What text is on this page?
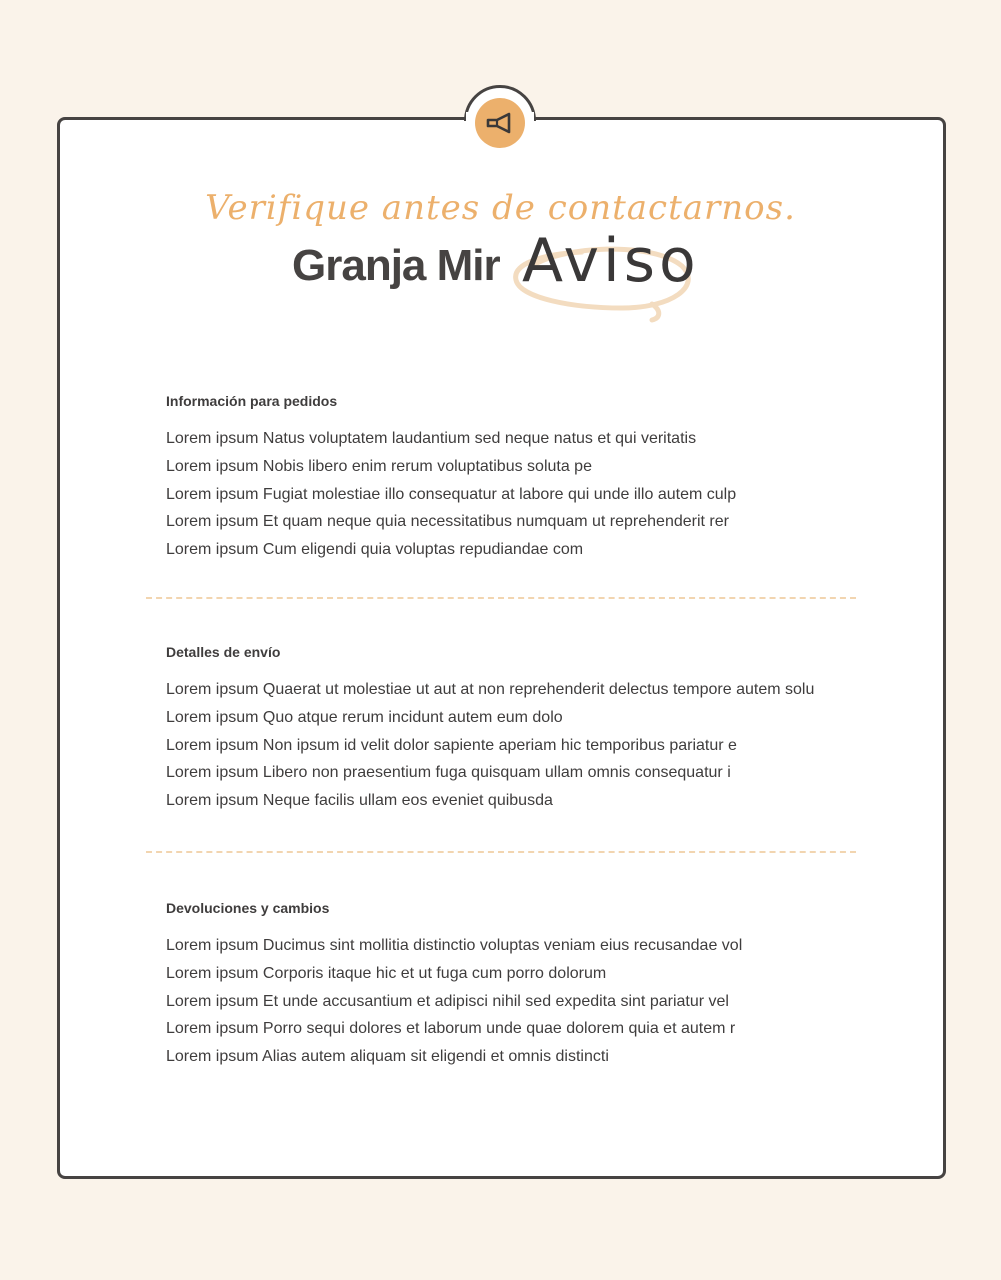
Verifique antes de contactarnos.

Granja Mir Aviso
Información para pedidos
Lorem ipsum Natus voluptatem laudantium sed neque natus et qui veritatis
Lorem ipsum Nobis libero enim rerum voluptatibus soluta pe
Lorem ipsum Fugiat molestiae illo consequatur at labore qui unde illo autem culp
Lorem ipsum Et quam neque quia necessitatibus numquam ut reprehenderit rer
Lorem ipsum Cum eligendi quia voluptas repudiandae com
Detalles de envío
Lorem ipsum Quaerat ut molestiae ut aut at non reprehenderit delectus tempore autem solu
Lorem ipsum Quo atque rerum incidunt autem eum dolo
Lorem ipsum Non ipsum id velit dolor sapiente aperiam hic temporibus pariatur e
Lorem ipsum Libero non praesentium fuga quisquam ullam omnis consequatur i
Lorem ipsum Neque facilis ullam eos eveniet quibusda
Devoluciones y cambios
Lorem ipsum Ducimus sint mollitia distinctio voluptas veniam eius recusandae vol
Lorem ipsum Corporis itaque hic et ut fuga cum porro dolorum
Lorem ipsum Et unde accusantium et adipisci nihil sed expedita sint pariatur vel
Lorem ipsum Porro sequi dolores et laborum unde quae dolorem quia et autem r
Lorem ipsum Alias autem aliquam sit eligendi et omnis distincti
